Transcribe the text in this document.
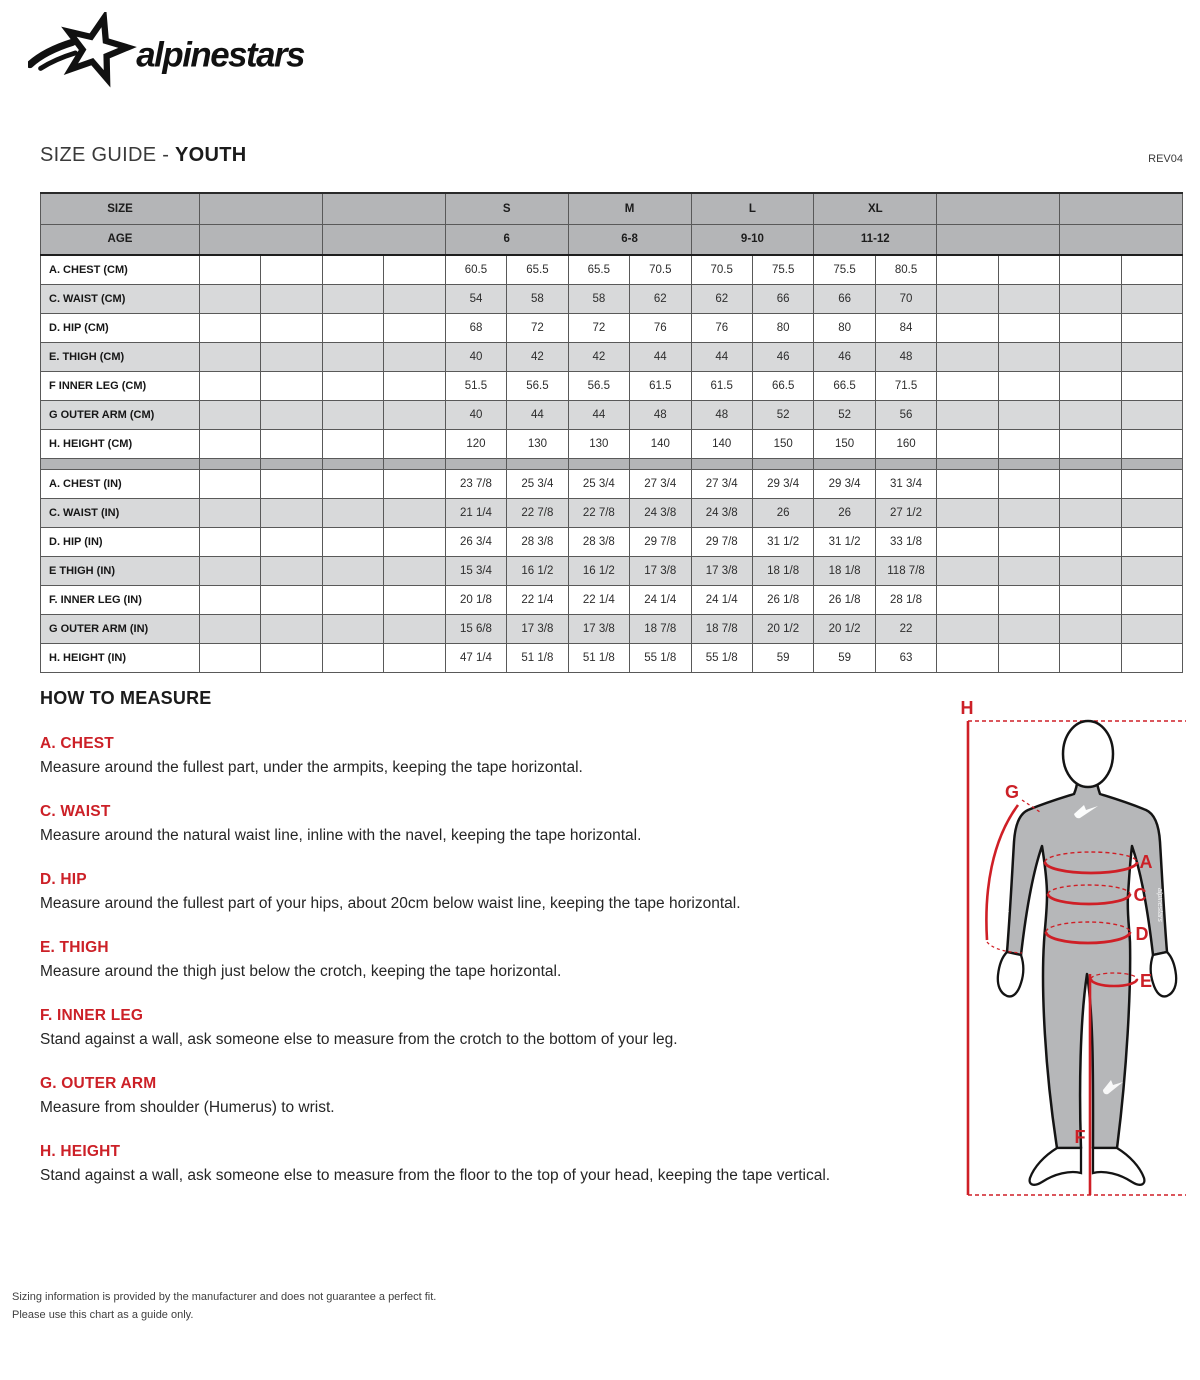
alpinestars
SIZE GUIDE - YOUTH	REV04
SIZE					S		M		L		XL					
AGE					6		6-8		9-10		11-12					
A. CHEST (CM)					60.5	65.5	65.5	70.5	70.5	75.5	75.5	80.5				
C. WAIST (CM)					54	58	58	62	62	66	66	70				
D. HIP (CM)					68	72	72	76	76	80	80	84				
E. THIGH (CM)					40	42	42	44	44	46	46	48				
F INNER LEG (CM)					51.5	56.5	56.5	61.5	61.5	66.5	66.5	71.5				
G OUTER ARM (CM)					40	44	44	48	48	52	52	56				
H. HEIGHT (CM)					120	130	130	140	140	150	150	160				

A. CHEST (IN)					23 7/8	25 3/4	25 3/4	27 3/4	27 3/4	29 3/4	29 3/4	31 3/4				
C. WAIST (IN)					21 1/4	22 7/8	22 7/8	24 3/8	24 3/8	26	26	27 1/2				
D. HIP (IN)					26 3/4	28 3/8	28 3/8	29 7/8	29 7/8	31 1/2	31 1/2	33 1/8				
E THIGH (IN)					15 3/4	16 1/2	16 1/2	17 3/8	17 3/8	18 1/8	18 1/8	118 7/8				
F. INNER LEG (IN)					20 1/8	22 1/4	22 1/4	24 1/4	24 1/4	26 1/8	26 1/8	28 1/8				
G OUTER ARM (IN)					15 6/8	17 3/8	17 3/8	18 7/8	18 7/8	20 1/2	20 1/2	22				
H. HEIGHT (IN)					47 1/4	51 1/8	51 1/8	55 1/8	55 1/8	59	59	63				
HOW TO MEASURE
A. CHEST
Measure around the fullest part, under the armpits, keeping the tape horizontal.
C. WAIST
Measure around the natural waist line, inline with the navel, keeping the tape horizontal.
D. HIP
Measure around the fullest part of your hips, about 20cm below waist line, keeping the tape horizontal.
E. THIGH
Measure around the thigh just below the crotch, keeping the tape horizontal.
F. INNER LEG
Stand against a wall, ask someone else to measure from the crotch to the bottom of your leg.
G. OUTER ARM
Measure from shoulder (Humerus) to wrist.
H. HEIGHT
Stand against a wall, ask someone else to measure from the floor to the top of your head, keeping the tape vertical.
alpinestars	alpinestars
H
G
A
C
D
E
F
Sizing information is provided by the manufacturer and does not guarantee a perfect fit.
Please use this chart as a guide only.
